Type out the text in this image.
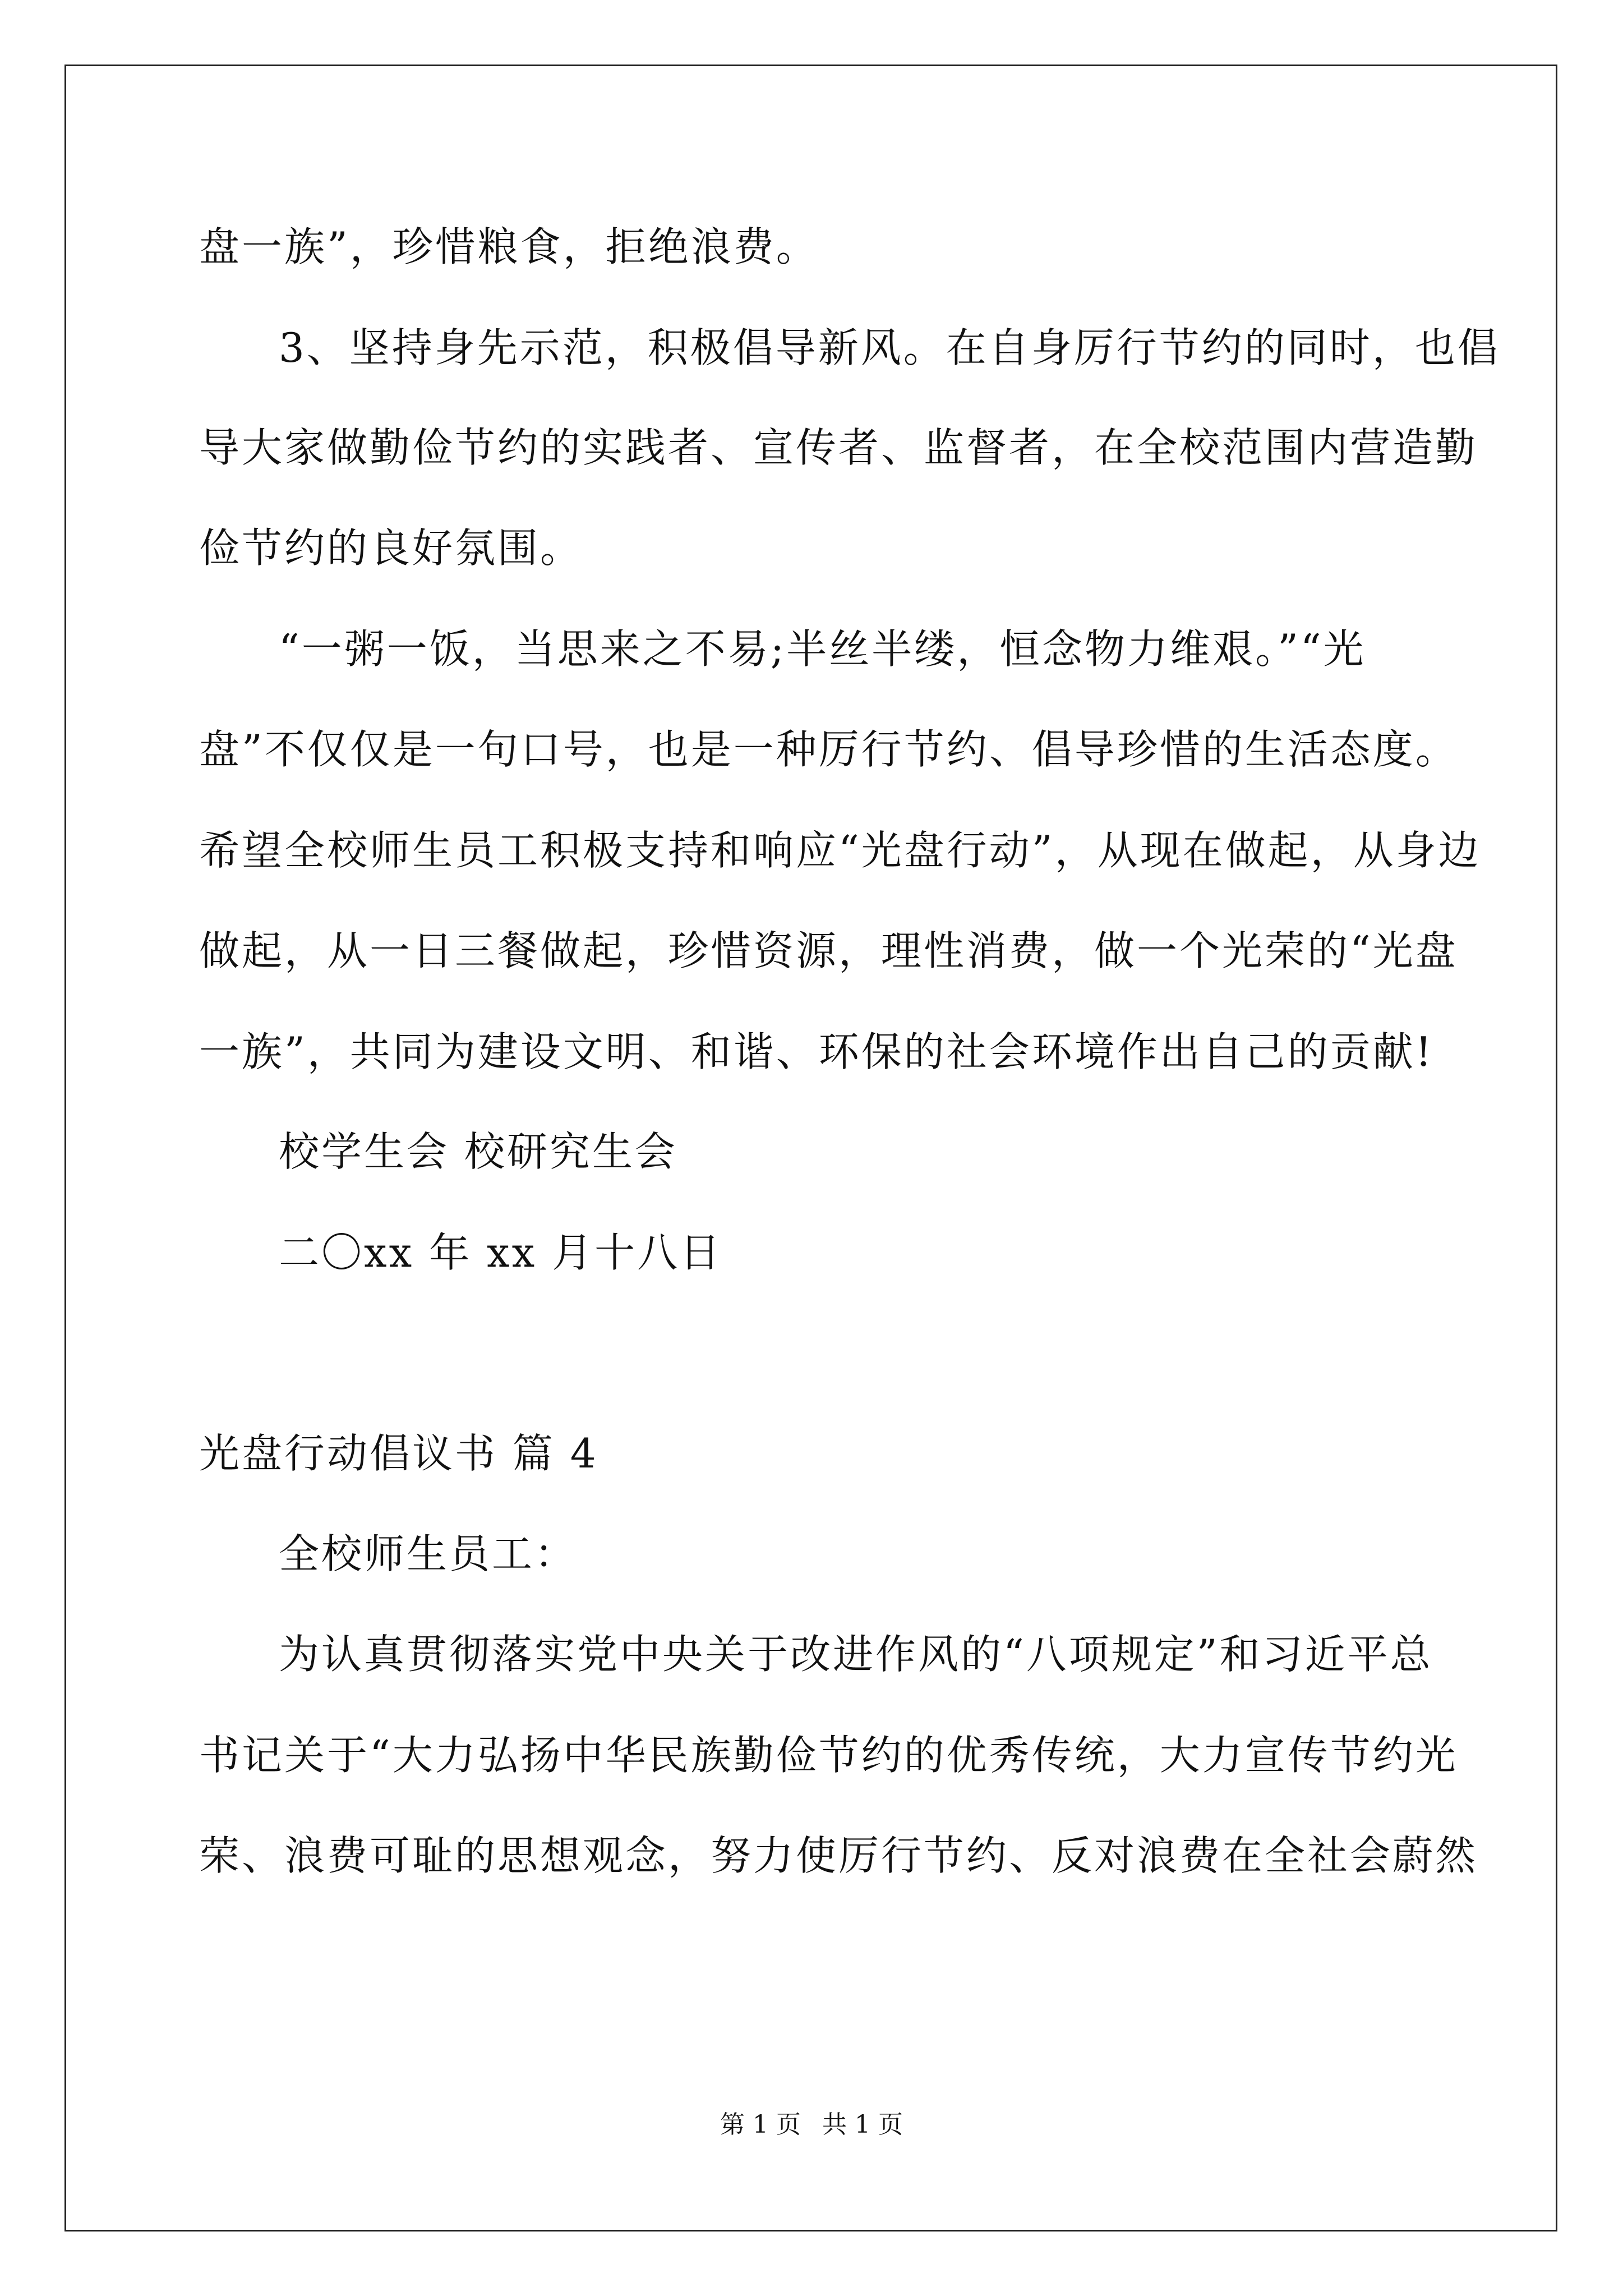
盘一族”，珍惜粮食，拒绝浪费。
3、坚持身先示范，积极倡导新风。在自身厉行节约的同时，也倡
导大家做勤俭节约的实践者、宣传者、监督者，在全校范围内营造勤
俭节约的良好氛围。
“一粥一饭，当思来之不易;半丝半缕，恒念物力维艰。”“光
盘”不仅仅是一句口号，也是一种厉行节约、倡导珍惜的生活态度。
希望全校师生员工积极支持和响应“光盘行动”，从现在做起，从身边
做起，从一日三餐做起，珍惜资源，理性消费，做一个光荣的“光盘
一族”，共同为建设文明、和谐、环保的社会环境作出自己的贡献!
校学生会 校研究生会
二〇xx 年 xx 月十八日
光盘行动倡议书 篇 4
全校师生员工：
为认真贯彻落实党中央关于改进作风的“八项规定”和习近平总
书记关于“大力弘扬中华民族勤俭节约的优秀传统，大力宣传节约光
荣、浪费可耻的思想观念，努力使厉行节约、反对浪费在全社会蔚然
第 1 页 共 1 页
